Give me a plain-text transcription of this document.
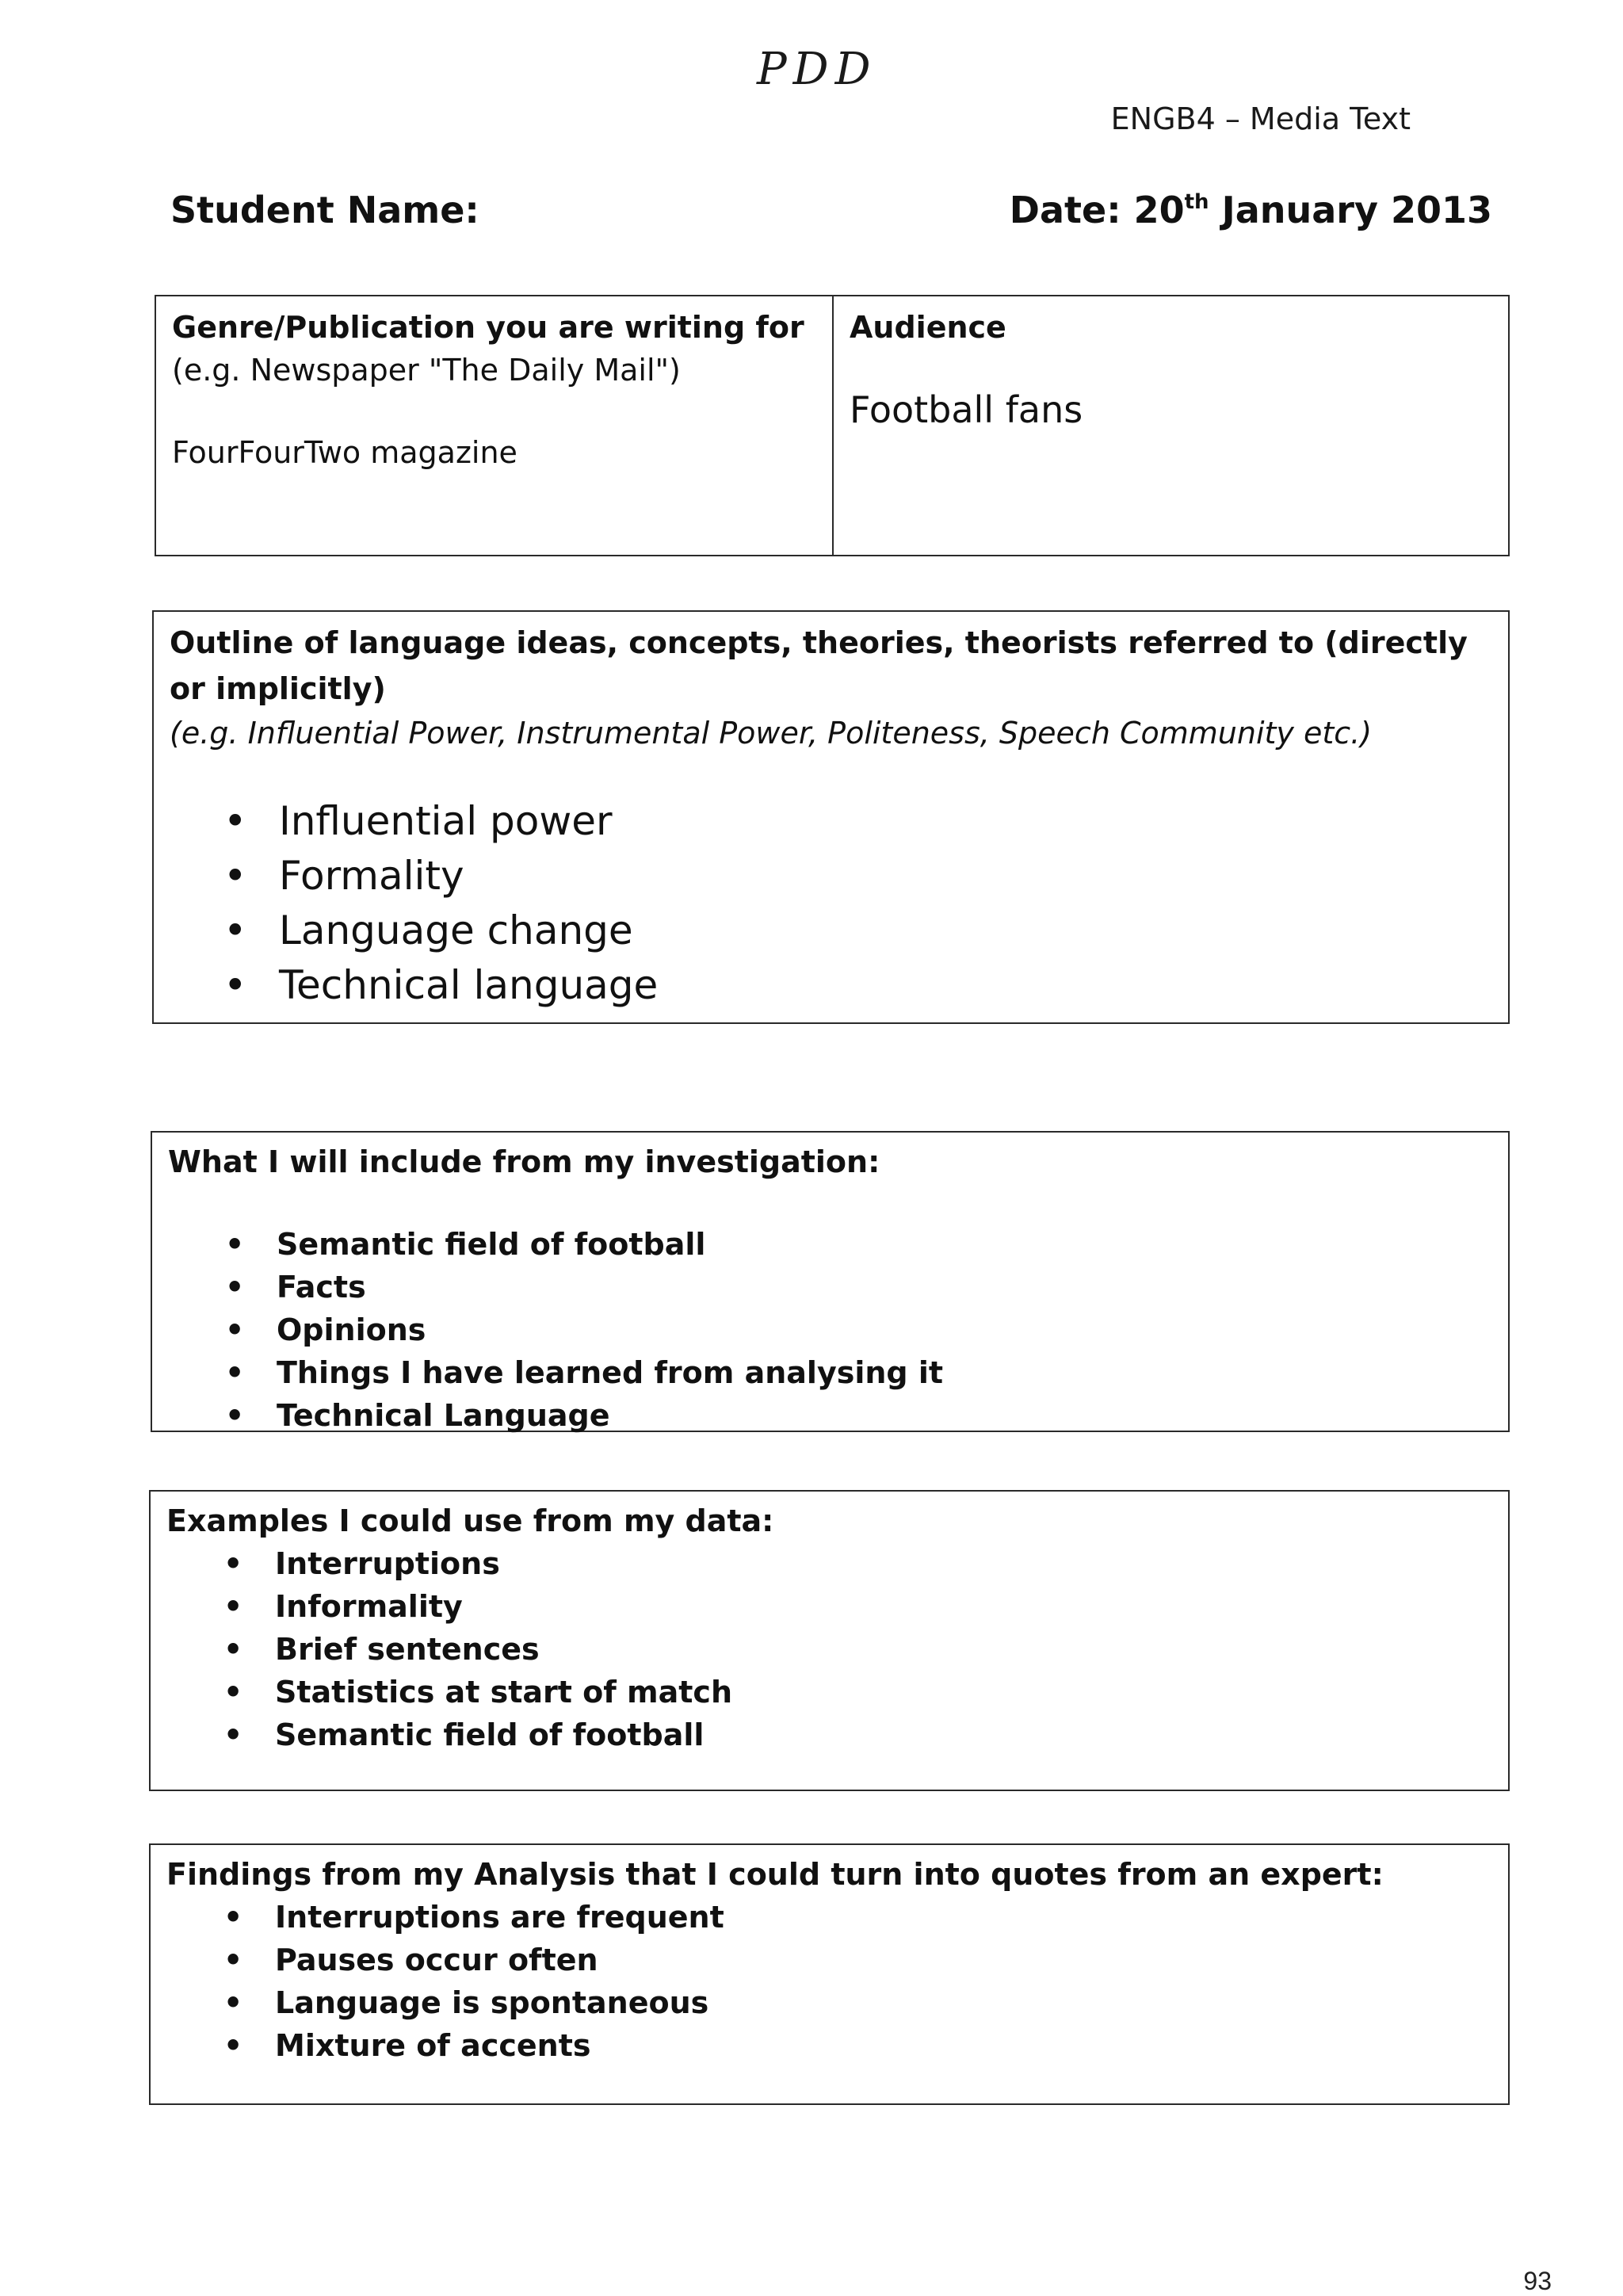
PDD
ENGB4 – Media Text
Student Name:	Date: 20th January 2013
Genre/Publication you are writing for (e.g. Newspaper "The Daily Mail")
FourFourTwo magazine
Audience
Football fans
Outline of language ideas, concepts, theories, theorists referred to (directly or implicitly)
(e.g. Influential Power, Instrumental Power, Politeness, Speech Community etc.)
• Influential power
• Formality
• Language change
• Technical language
What I will include from my investigation:
• Semantic field of football
• Facts
• Opinions
• Things I have learned from analysing it
• Technical Language
Examples I could use from my data:
• Interruptions
• Informality
• Brief sentences
• Statistics at start of match
• Semantic field of football
Findings from my Analysis that I could turn into quotes from an expert:
• Interruptions are frequent
• Pauses occur often
• Language is spontaneous
• Mixture of accents
93
